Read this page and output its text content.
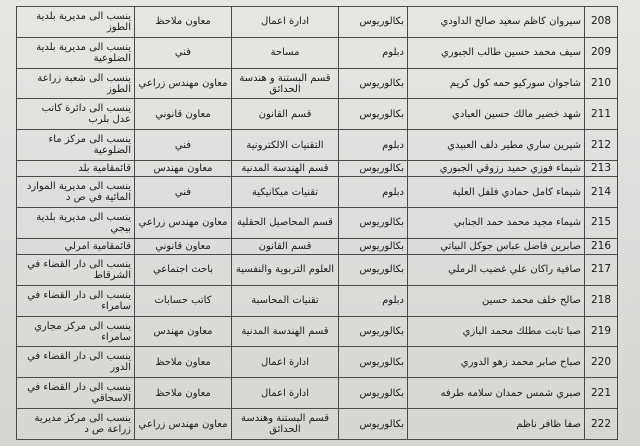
208	سيروان كاظم سعيد صالح الداودي	بكالوريوس	ادارة اعمال	معاون ملاحظ	ينسب الى مديرية بلدية الطوز
209	سيف محمد حسين طالب الجبوري	دبلوم	مساحة	فني	ينسب الى مديرية بلدية الضلوعية
210	شاجوان سوركيو حمه كول كريم	بكالوريوس	قسم البستنة و هندسة الحدائق	معاون مهندس زراعي	ينسب الى شعبة زراعة الطوز
211	شهد خضير مالك حسين العبادي	بكالوريوس	قسم القانون	معاون قانوني	ينسب الى دائرة كاتب عدل بلرب
212	شيرين ساري مطير دلف العبيدي	دبلوم	التقنيات الالكترونية	فني	ينسب الى مركز ماء الضلوعية
213	شيماء فوزي حميد رزوقي الجبوري	بكالوريوس	قسم الهندسة المدنية	معاون مهندس	قائمقامية بلد
214	شيماء كامل حمادي فلفل العلية	دبلوم	تقنيات ميكانيكية	فني	ينسب الى مديرية الموارد المائية في ص د
215	شيماء مجيد محمد حمد الجنابي	بكالوريوس	قسم المحاصيل الحقلية	معاون مهندس زراعي	ينسب الى مديرية بلدية بيجي
216	صابرين فاضل عباس جوكل البياتي	بكالوريوس	قسم القانون	معاون قانوني	قائمقامية امرلي
217	صافية راكان علي غضيب الرملي	بكالوريوس	العلوم التربوية والنفسية	باحث اجتماعي	ينسب الى دار القضاء في الشرقاط
218	صالح خلف محمد حسين	دبلوم	تقنيات المحاسبة	كاتب حسابات	ينسب الى دار القضاء في سامراء
219	صبا ثابت مطلك محمد البازي	بكالوريوس	قسم الهندسة المدنية	معاون مهندس	ينسب الى مركز مجاري سامراء
220	صباح صابر محمد زهو الدوري	بكالوريوس	ادارة اعمال	معاون ملاحظ	ينسب الى دار القضاء في الدور
221	صبري شمس حمدان سلامه طرفه	بكالوريوس	ادارة اعمال	معاون ملاحظ	ينسب الى دار القضاء في الاسحاقي
222	صفا ظافر ناظم	بكالوريوس	قسم البستنة وهندسة الحدائق	معاون مهندس زراعي	ينسب الى مركز مديرية زراعة ص د
